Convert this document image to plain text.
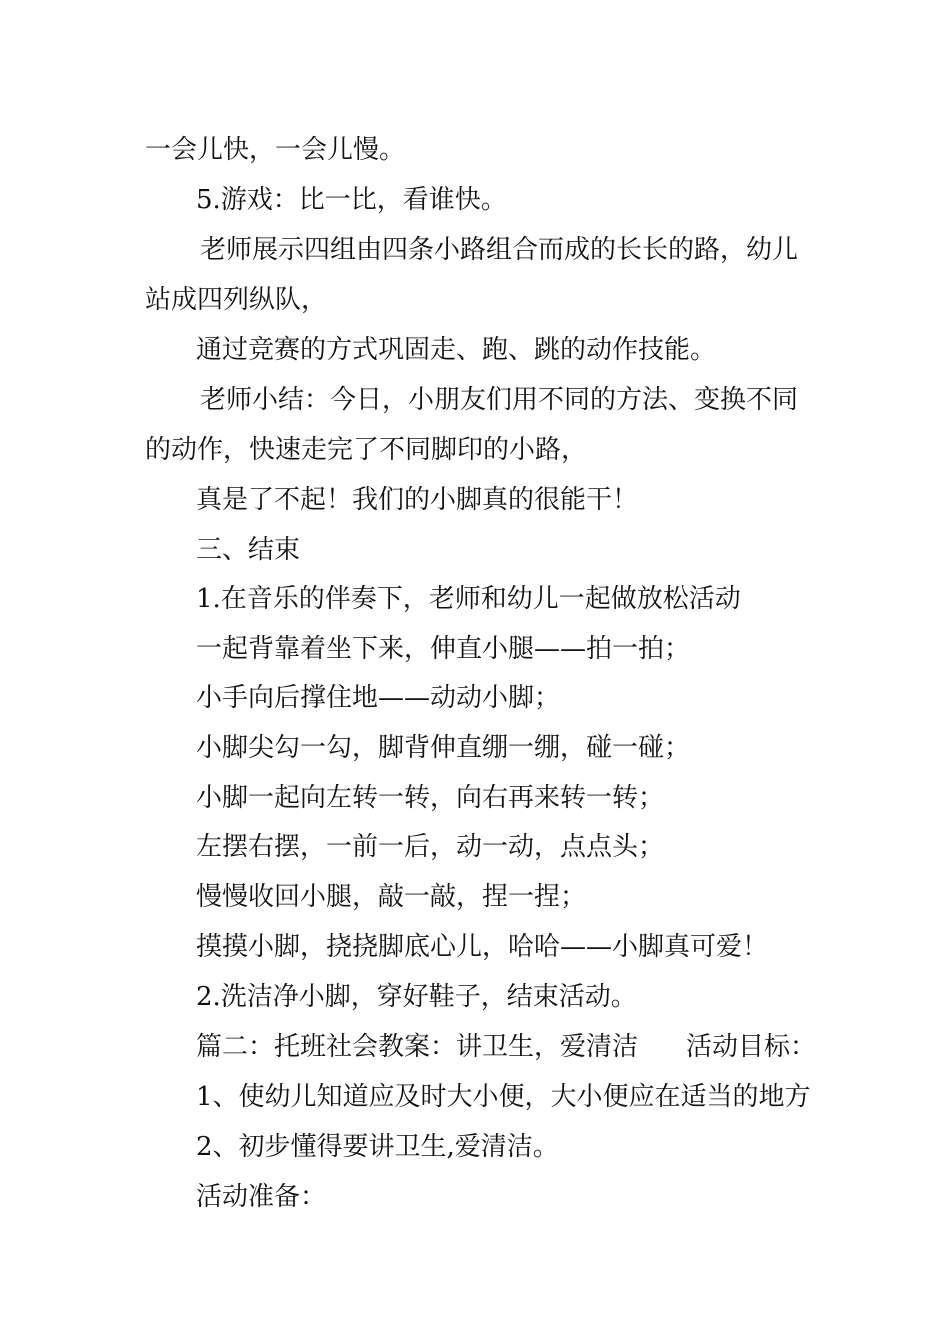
一会儿快，一会儿慢。
5.游戏：比一比，看谁快。
老师展示四组由四条小路组合而成的长长的路，幼儿
站成四列纵队，
通过竞赛的方式巩固走、跑、跳的动作技能。
老师小结：今日，小朋友们用不同的方法、变换不同
的动作，快速走完了不同脚印的小路，
真是了不起！我们的小脚真的很能干！
三、结束
1.在音乐的伴奏下，老师和幼儿一起做放松活动
一起背靠着坐下来，伸直小腿——拍一拍；
小手向后撑住地——动动小脚；
小脚尖勾一勾，脚背伸直绷一绷，碰一碰；
小脚一起向左转一转，向右再来转一转；
左摆右摆，一前一后，动一动，点点头；
慢慢收回小腿，敲一敲，捏一捏；
摸摸小脚，挠挠脚底心儿，哈哈——小脚真可爱！
2.洗洁净小脚，穿好鞋子，结束活动。
篇二：托班社会教案：讲卫生，爱清洁 活动目标：
1、使幼儿知道应及时大小便，大小便应在适当的地方
2、初步懂得要讲卫生,爱清洁。
活动准备：
